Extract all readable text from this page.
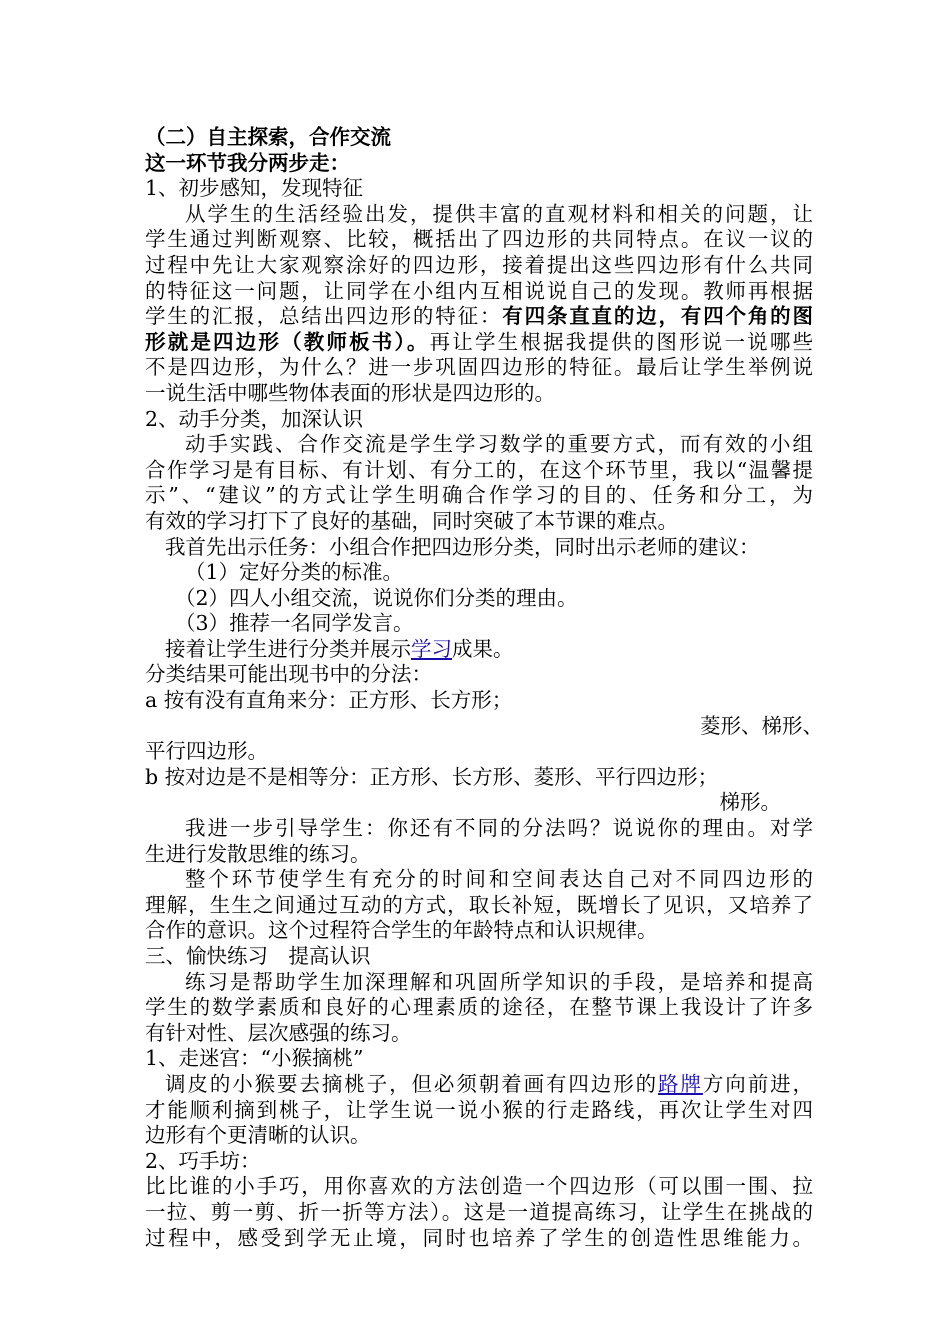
（二）自主探索，合作交流
这一环节我分两步走：
1、初步感知，发现特征
从学生的生活经验出发，提供丰富的直观材料和相关的问题，让
学生通过判断观察、比较，概括出了四边形的共同特点。在议一议的
过程中先让大家观察涂好的四边形，接着提出这些四边形有什么共同
的特征这一问题，让同学在小组内互相说说自己的发现。教师再根据
学生的汇报，总结出四边形的特征：有四条直直的边，有四个角的图
形就是四边形（教师板书）。再让学生根据我提供的图形说一说哪些
不是四边形，为什么？进一步巩固四边形的特征。最后让学生举例说
一说生活中哪些物体表面的形状是四边形的。
2、动手分类，加深认识
动手实践、合作交流是学生学习数学的重要方式，而有效的小组
合作学习是有目标、有计划、有分工的，在这个环节里，我以“温馨提
示”、“建议”的方式让学生明确合作学习的目的、任务和分工，为
有效的学习打下了良好的基础，同时突破了本节课的难点。
我首先出示任务：小组合作把四边形分类，同时出示老师的建议：
（1）定好分类的标准。
（2）四人小组交流，说说你们分类的理由。
（3）推荐一名同学发言。
接着让学生进行分类并展示学习成果。
分类结果可能出现书中的分法：
a 按有没有直角来分：正方形、长方形；
菱形、梯形、
平行四边形。
b 按对边是不是相等分：正方形、长方形、菱形、平行四边形；
梯形。
我进一步引导学生：你还有不同的分法吗？说说你的理由。对学
生进行发散思维的练习。
整个环节使学生有充分的时间和空间表达自己对不同四边形的
理解，生生之间通过互动的方式，取长补短，既增长了见识，又培养了
合作的意识。这个过程符合学生的年龄特点和认识规律。
三、愉快练习　提高认识
练习是帮助学生加深理解和巩固所学知识的手段，是培养和提高
学生的数学素质和良好的心理素质的途径，在整节课上我设计了许多
有针对性、层次感强的练习。
1、走迷宫：“小猴摘桃”
调皮的小猴要去摘桃子，但必须朝着画有四边形的路牌方向前进，
才能顺利摘到桃子，让学生说一说小猴的行走路线，再次让学生对四
边形有个更清晰的认识。
2、巧手坊：
比比谁的小手巧，用你喜欢的方法创造一个四边形（可以围一围、拉
一拉、剪一剪、折一折等方法）。这是一道提高练习，让学生在挑战的
过程中，感受到学无止境，同时也培养了学生的创造性思维能力。
